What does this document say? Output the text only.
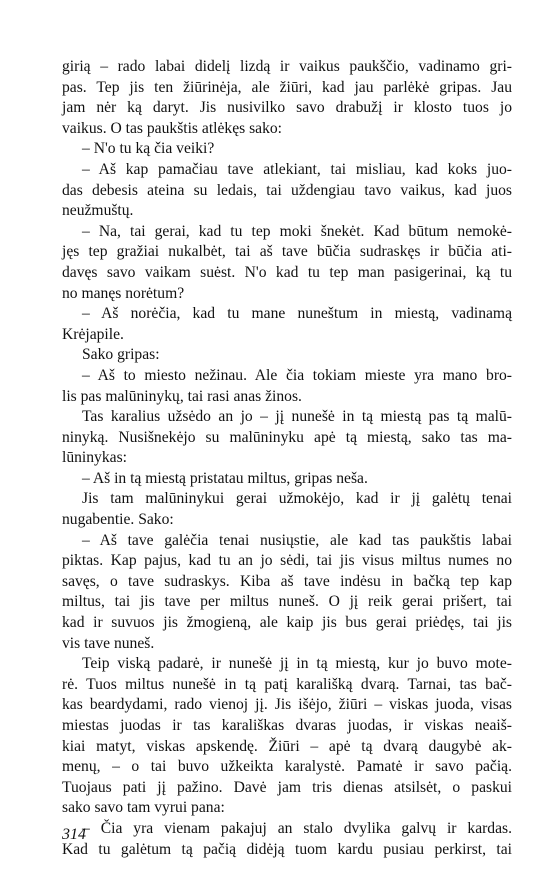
girią – rado labai didelį lizdą ir vaikus paukščio, vadinamo gri-
pas. Tep jis ten žiūrinėja, ale žiūri, kad jau parlėkė gripas. Jau
jam nėr ką daryt. Jis nusivilko savo drabužį ir klosto tuos jo
vaikus. O tas paukštis atlėkęs sako:
– N'o tu ką čia veiki?
– Aš kap pamačiau tave atlekiant, tai misliau, kad koks juo-
das debesis ateina su ledais, tai uždengiau tavo vaikus, kad juos
neužmuštų.
– Na, tai gerai, kad tu tep moki šnekėt. Kad būtum nemokė-
jęs tep gražiai nukalbėt, tai aš tave būčia sudraskęs ir būčia ati-
davęs savo vaikam suėst. N'o kad tu tep man pasigerinai, ką tu
no manęs norėtum?
– Aš norėčia, kad tu mane nuneštum in miestą, vadinamą
Krėjapile.
Sako gripas:
– Aš to miesto nežinau. Ale čia tokiam mieste yra mano bro-
lis pas malūninykų, tai rasi anas žinos.
Tas karalius užsėdo an jo – jį nunešė in tą miestą pas tą malū-
ninyką. Nusišnekėjo su malūninyku apė tą miestą, sako tas ma-
lūninykas:
– Aš in tą miestą pristatau miltus, gripas neša.
Jis tam malūninykui gerai užmokėjo, kad ir jį galėtų tenai
nugabentie. Sako:
– Aš tave galėčia tenai nusiųstie, ale kad tas paukštis labai
piktas. Kap pajus, kad tu an jo sėdi, tai jis visus miltus numes no
savęs, o tave sudraskys. Kiba aš tave indėsu in bačką tep kap
miltus, tai jis tave per miltus nuneš. O jį reik gerai prišert, tai
kad ir suvuos jis žmogieną, ale kaip jis bus gerai priėdęs, tai jis
vis tave nuneš.
Teip viską padarė, ir nunešė jį in tą miestą, kur jo buvo mote-
rė. Tuos miltus nunešė in tą patį karališką dvarą. Tarnai, tas bač-
kas beardydami, rado vienoj jį. Jis išėjo, žiūri – viskas juoda, visas
miestas juodas ir tas karališkas dvaras juodas, ir viskas neaiš-
kiai matyt, viskas apskendę. Žiūri – apė tą dvarą daugybė ak-
menų, – o tai buvo užkeikta karalystė. Pamatė ir savo pačią.
Tuojaus pati jį pažino. Davė jam tris dienas atsilsėt, o paskui
sako savo tam vyrui pana:
– Čia yra vienam pakajuj an stalo dvylika galvų ir kardas.
Kad tu galėtum tą pačią didėją tuom kardu pusiau perkirst, tai
314
